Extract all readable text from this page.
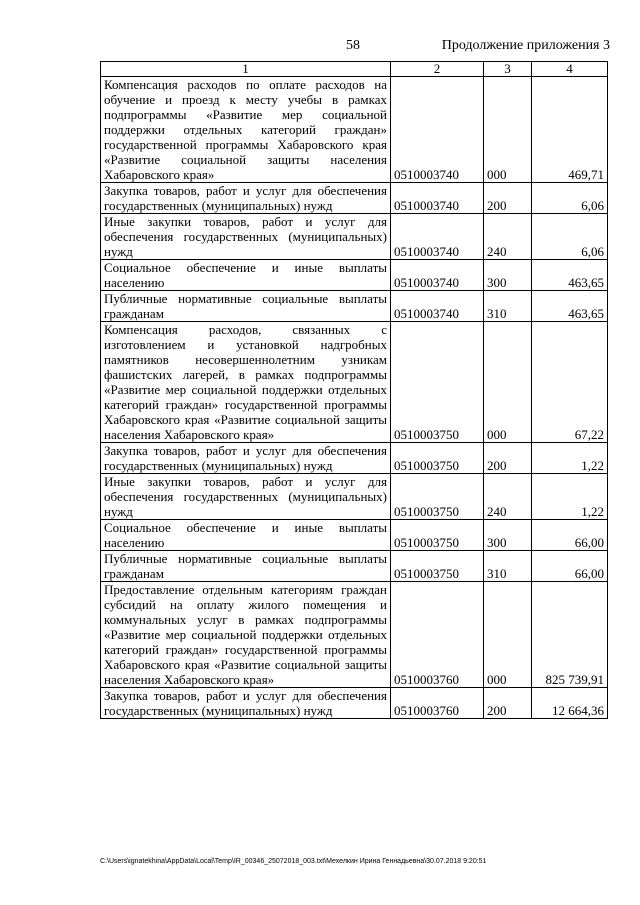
58	Продолжение приложения 3
1	2	3	4
Компенсация расходов по оплате расходов на обучение и проезд к месту учебы в рамках подпрограммы «Развитие мер социальной поддержки отдельных категорий граждан» государственной программы Хабаровского края «Развитие социальной защиты населения Хабаровского края»	0510003740	000	469,71
Закупка товаров, работ и услуг для обеспечения государственных (муниципальных) нужд	0510003740	200	6,06
Иные закупки товаров, работ и услуг для обеспечения государственных (муниципальных) нужд	0510003740	240	6,06
Социальное обеспечение и иные выплаты населению	0510003740	300	463,65
Публичные нормативные социальные выплаты гражданам	0510003740	310	463,65
Компенсация расходов, связанных с изготовлением и установкой надгробных памятников несовершеннолетним узникам фашистских лагерей, в рамках подпрограммы «Развитие мер социальной поддержки отдельных категорий граждан» государственной программы Хабаровского края «Развитие социальной защиты населения Хабаровского края»	0510003750	000	67,22
Закупка товаров, работ и услуг для обеспечения государственных (муниципальных) нужд	0510003750	200	1,22
Иные закупки товаров, работ и услуг для обеспечения государственных (муниципальных) нужд	0510003750	240	1,22
Социальное обеспечение и иные выплаты населению	0510003750	300	66,00
Публичные нормативные социальные выплаты гражданам	0510003750	310	66,00
Предоставление отдельным категориям граждан субсидий на оплату жилого помещения и коммунальных услуг в рамках подпрограммы «Развитие мер социальной поддержки отдельных категорий граждан» государственной программы Хабаровского края «Развитие социальной защиты населения Хабаровского края»	0510003760	000	825 739,91
Закупка товаров, работ и услуг для обеспечения государственных (муниципальных) нужд	0510003760	200	12 664,36
C:\Users\ignatekhina\AppData\Local\Temp\IR_00346_25072018_003.txt\Мехелкин Ирина Геннадьевна\30.07.2018 9:20:51
